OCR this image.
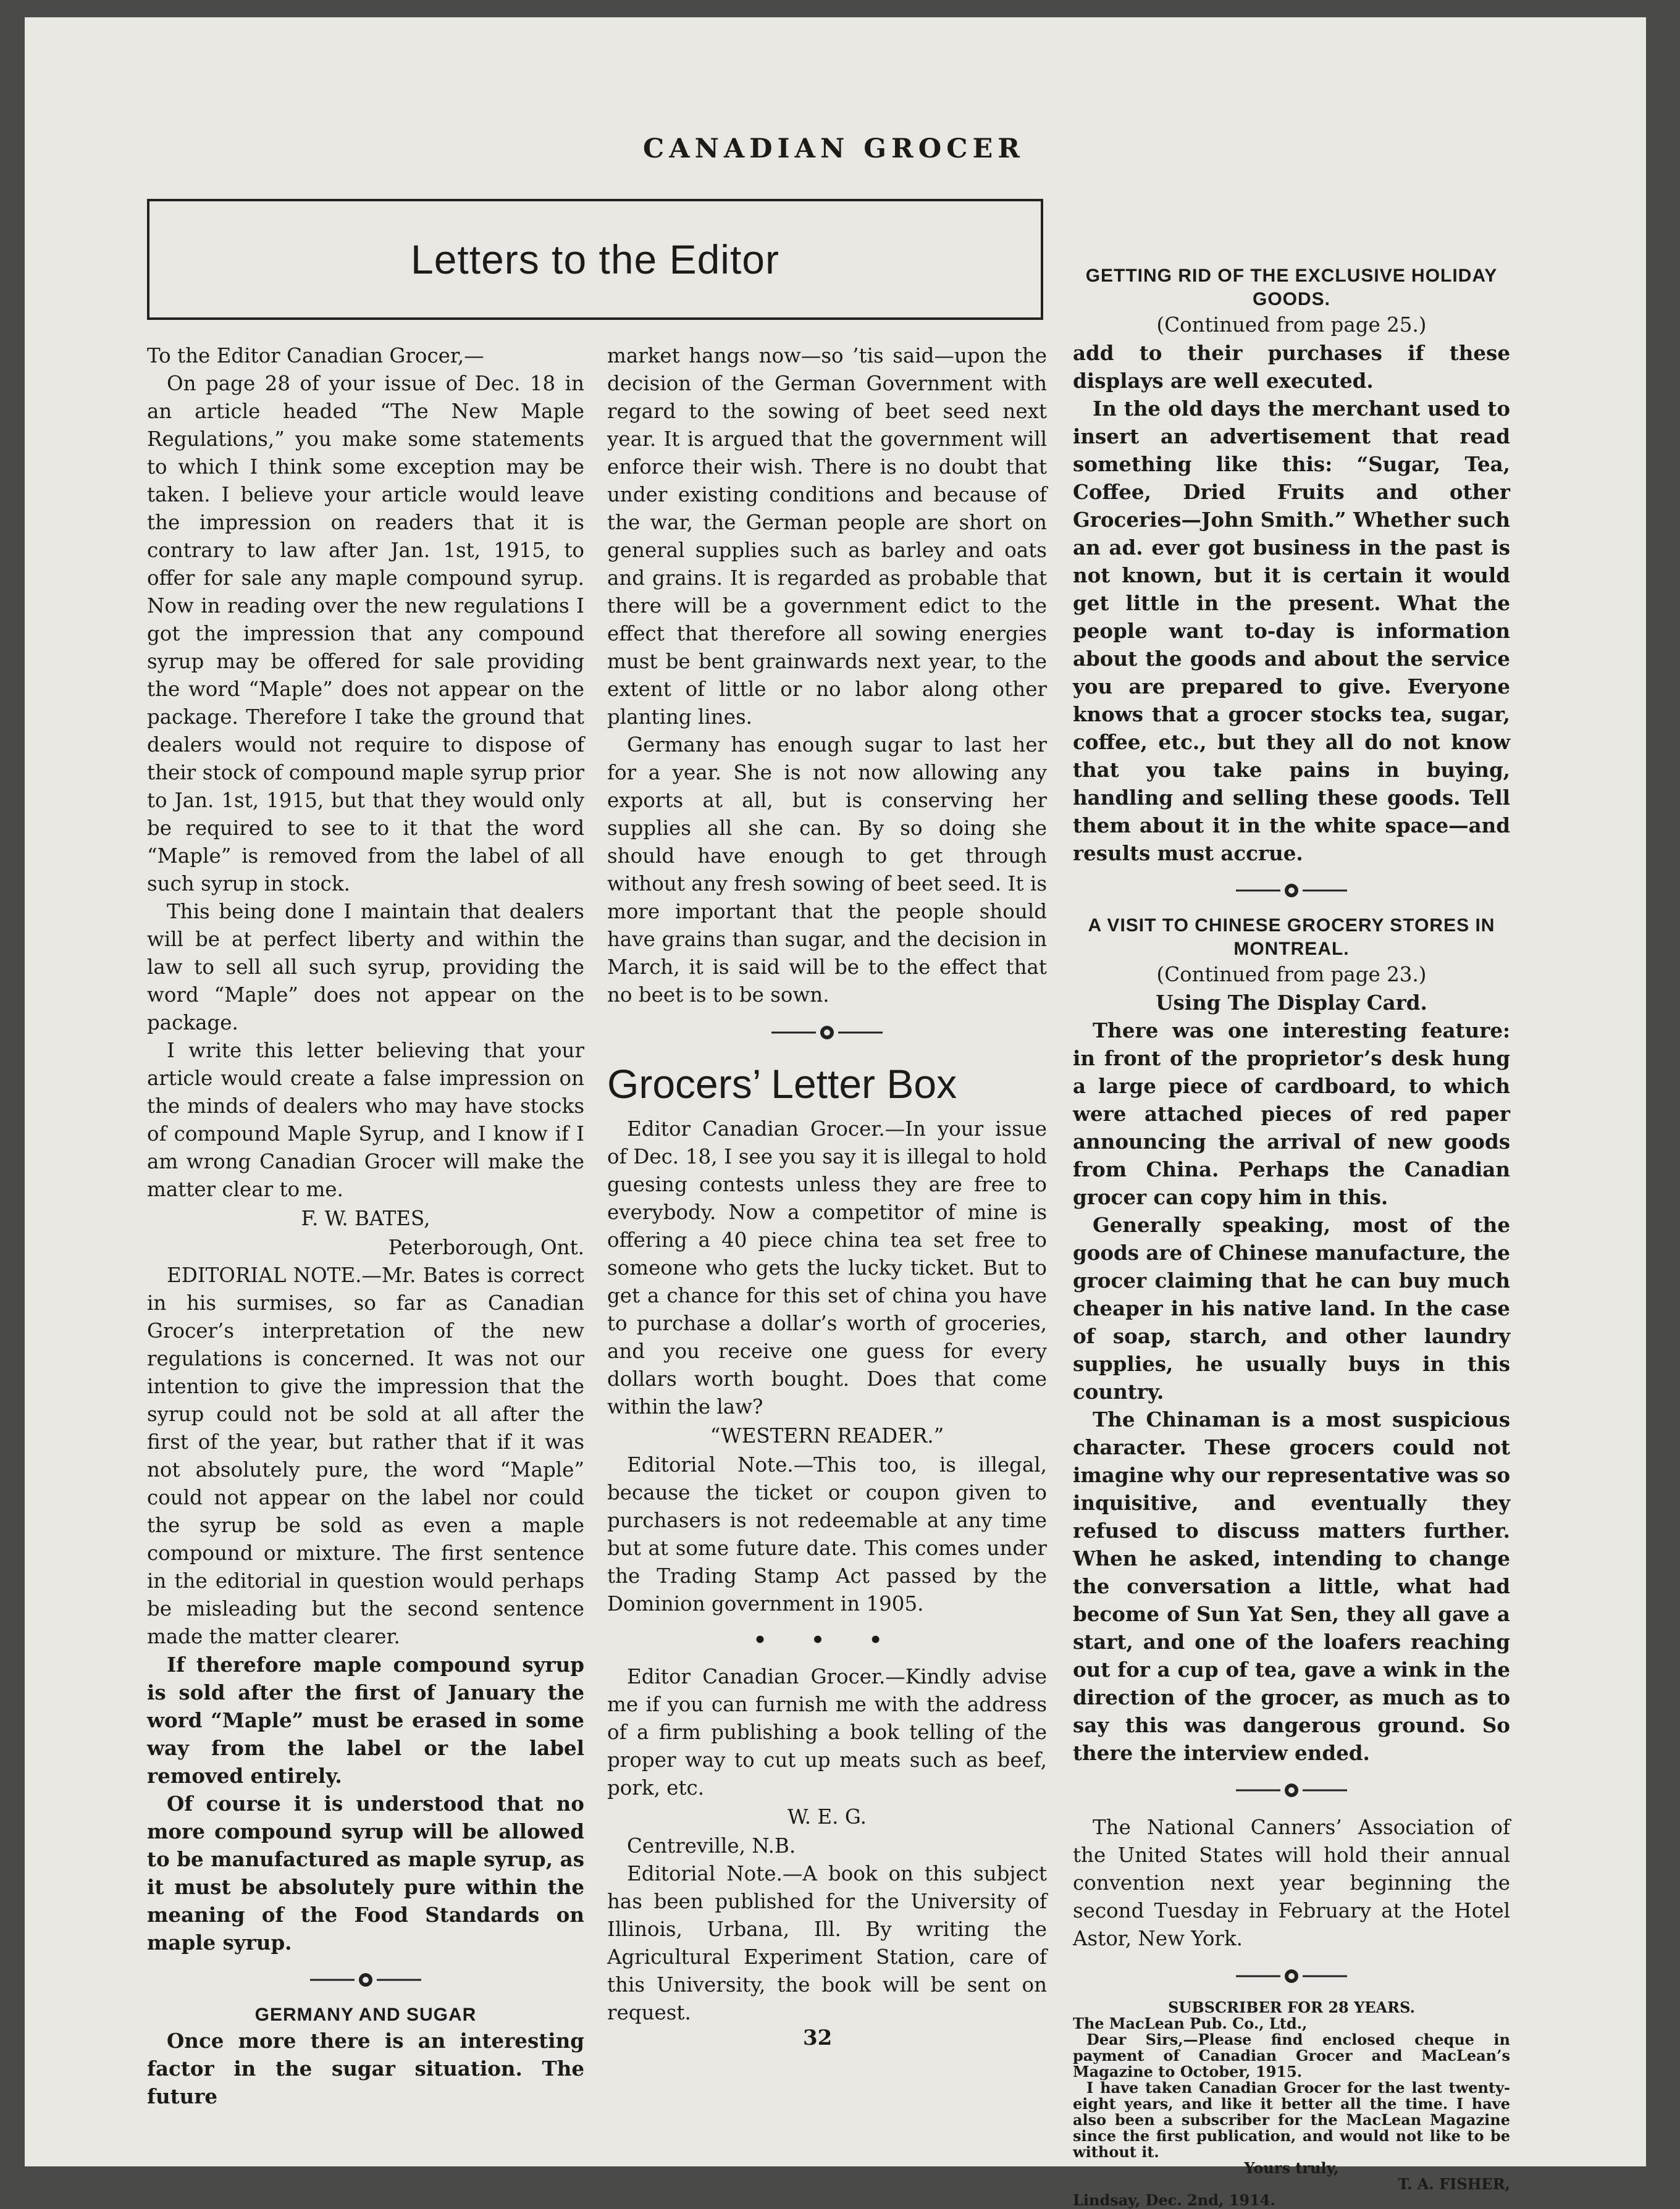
CANADIAN GROCER
Letters to the Editor

To the Editor Canadian Grocer,—

On page 28 of your issue of Dec. 18 in an article headed “The New Maple Regulations,” you make some statements to which I think some exception may be taken. I believe your article would leave the impression on readers that it is contrary to law after Jan. 1st, 1915, to offer for sale any maple compound syrup. Now in reading over the new regulations I got the impression that any compound syrup may be offered for sale providing the word “Maple” does not appear on the package. Therefore I take the ground that dealers would not require to dispose of their stock of compound maple syrup prior to Jan. 1st, 1915, but that they would only be required to see to it that the word “Maple” is removed from the label of all such syrup in stock.

This being done I maintain that dealers will be at perfect liberty and within the law to sell all such syrup, providing the word “Maple” does not appear on the package.

I write this letter believing that your article would create a false impression on the minds of dealers who may have stocks of compound Maple Syrup, and I know if I am wrong Canadian Grocer will make the matter clear to me.

F. W. BATES,
Peterborough, Ont.

EDITORIAL NOTE.—Mr. Bates is correct in his surmises, so far as Canadian Grocer’s interpretation of the new regulations is concerned. It was not our intention to give the impression that the syrup could not be sold at all after the first of the year, but rather that if it was not absolutely pure, the word “Maple” could not appear on the label nor could the syrup be sold as even a maple compound or mixture. The first sentence in the editorial in question would perhaps be misleading but the second sentence made the matter clearer.

If therefore maple compound syrup is sold after the first of January the word “Maple” must be erased in some way from the label or the label removed entirely.

Of course it is understood that no more compound syrup will be allowed to be manufactured as maple syrup, as it must be absolutely pure within the meaning of the Food Standards on maple syrup.

GERMANY AND SUGAR

Once more there is an interesting factor in the sugar situation. The future

market hangs now—so ’tis said—upon the decision of the German Government with regard to the sowing of beet seed next year. It is argued that the government will enforce their wish. There is no doubt that under existing conditions and because of the war, the German people are short on general supplies such as barley and oats and grains. It is regarded as probable that there will be a government edict to the effect that therefore all sowing energies must be bent grainwards next year, to the extent of little or no labor along other planting lines.

Germany has enough sugar to last her for a year. She is not now allowing any exports at all, but is conserving her supplies all she can. By so doing she should have enough to get through without any fresh sowing of beet seed. It is more important that the people should have grains than sugar, and the decision in March, it is said will be to the effect that no beet is to be sown.

Grocers’ Letter Box

Editor Canadian Grocer.—In your issue of Dec. 18, I see you say it is illegal to hold guesing contests unless they are free to everybody. Now a competitor of mine is offering a 40 piece china tea set free to someone who gets the lucky ticket. But to get a chance for this set of china you have to purchase a dollar’s worth of groceries, and you receive one guess for every dollars worth bought. Does that come within the law?

“WESTERN READER.”

Editorial Note.—This too, is illegal, because the ticket or coupon given to purchasers is not redeemable at any time but at some future date. This comes under the Trading Stamp Act passed by the Dominion government in 1905.

• • •

Editor Canadian Grocer.—Kindly advise me if you can furnish me with the address of a firm publishing a book telling of the proper way to cut up meats such as beef, pork, etc.

W. E. G.

Centreville, N.B.

Editorial Note.—A book on this subject has been published for the University of Illinois, Urbana, Ill. By writing the Agricultural Experiment Station, care of this University, the book will be sent on request.

GETTING RID OF THE EXCLUSIVE HOLIDAY GOODS.
(Continued from page 25.)

add to their purchases if these displays are well executed.

In the old days the merchant used to insert an advertisement that read something like this: “Sugar, Tea, Coffee, Dried Fruits and other Groceries—John Smith.” Whether such an ad. ever got business in the past is not known, but it is certain it would get little in the present. What the people want to-day is information about the goods and about the service you are prepared to give. Everyone knows that a grocer stocks tea, sugar, coffee, etc., but they all do not know that you take pains in buying, handling and selling these goods. Tell them about it in the white space—and results must accrue.

A VISIT TO CHINESE GROCERY STORES IN MONTREAL.
(Continued from page 23.)
Using The Display Card.

There was one interesting feature: in front of the proprietor’s desk hung a large piece of cardboard, to which were attached pieces of red paper announcing the arrival of new goods from China. Perhaps the Canadian grocer can copy him in this.

Generally speaking, most of the goods are of Chinese manufacture, the grocer claiming that he can buy much cheaper in his native land. In the case of soap, starch, and other laundry supplies, he usually buys in this country.

The Chinaman is a most suspicious character. These grocers could not imagine why our representative was so inquisitive, and eventually they refused to discuss matters further. When he asked, intending to change the conversation a little, what had become of Sun Yat Sen, they all gave a start, and one of the loafers reaching out for a cup of tea, gave a wink in the direction of the grocer, as much as to say this was dangerous ground. So there the interview ended.

The National Canners’ Association of the United States will hold their annual convention next year beginning the second Tuesday in February at the Hotel Astor, New York.

SUBSCRIBER FOR 28 YEARS.
The MacLean Pub. Co., Ltd.,

Dear Sirs,—Please find enclosed cheque in payment of Canadian Grocer and MacLean’s Magazine to October, 1915.

I have taken Canadian Grocer for the last twenty-eight years, and like it better all the time. I have also been a subscriber for the MacLean Magazine since the first publication, and would not like to be without it.

Yours truly,
T. A. FISHER,
Lindsay, Dec. 2nd, 1914.
32
